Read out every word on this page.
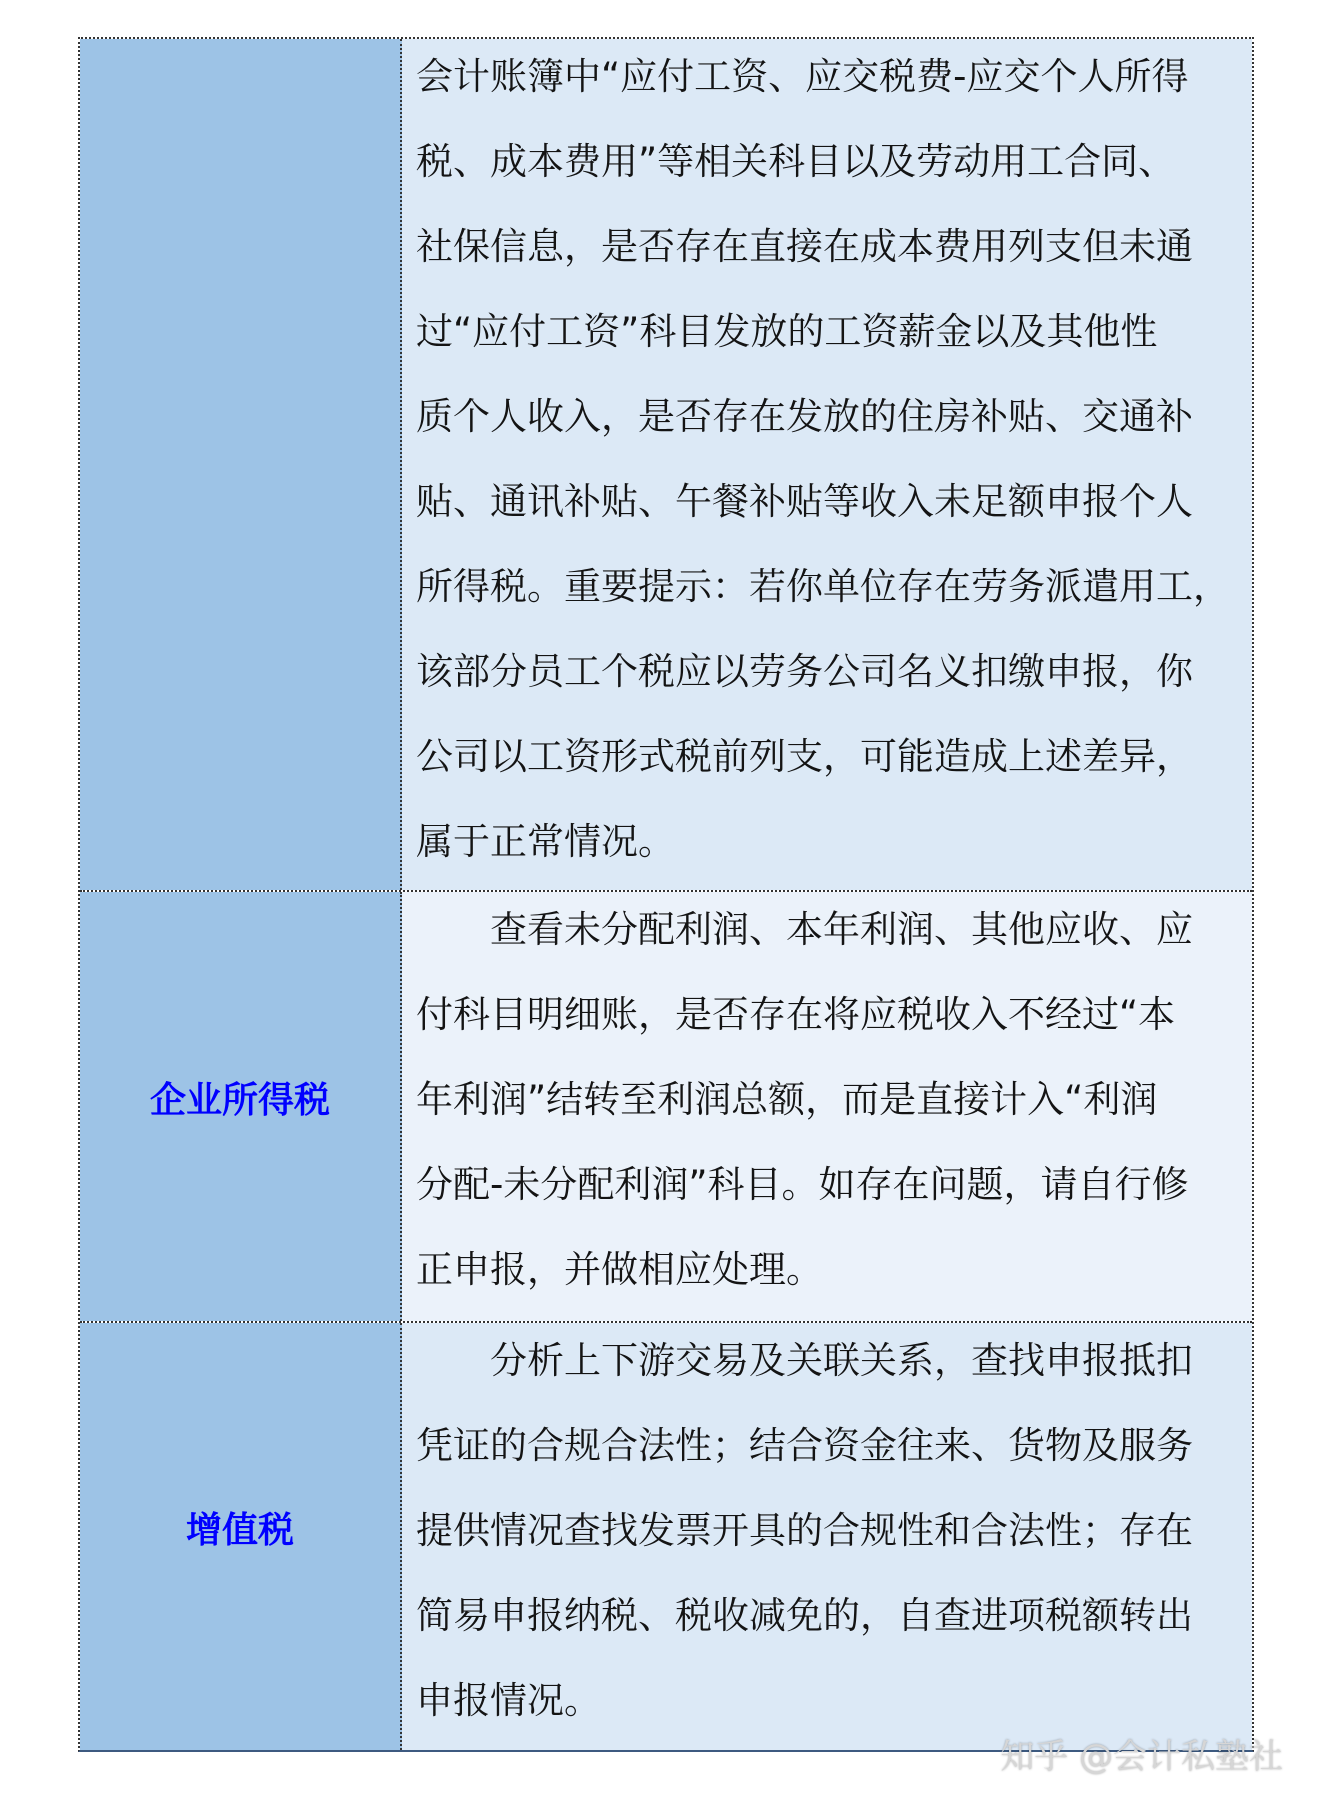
会计账簿中“应付工资、应交税费-应交个人所得
税、成本费用”等相关科目以及劳动用工合同、
社保信息，是否存在直接在成本费用列支但未通
过“应付工资”科目发放的工资薪金以及其他性
质个人收入，是否存在发放的住房补贴、交通补
贴、通讯补贴、午餐补贴等收入未足额申报个人
所得税。重要提示：若你单位存在劳务派遣用工，
该部分员工个税应以劳务公司名义扣缴申报，你
公司以工资形式税前列支，可能造成上述差异，
属于正常情况。
企业所得税
查看未分配利润、本年利润、其他应收、应
付科目明细账，是否存在将应税收入不经过“本
年利润”结转至利润总额，而是直接计入“利润
分配-未分配利润”科目。如存在问题，请自行修
正申报，并做相应处理。
增值税
分析上下游交易及关联关系，查找申报抵扣
凭证的合规合法性；结合资金往来、货物及服务
提供情况查找发票开具的合规性和合法性；存在
简易申报纳税、税收减免的，自查进项税额转出
申报情况。
知乎 @会计私塾社
